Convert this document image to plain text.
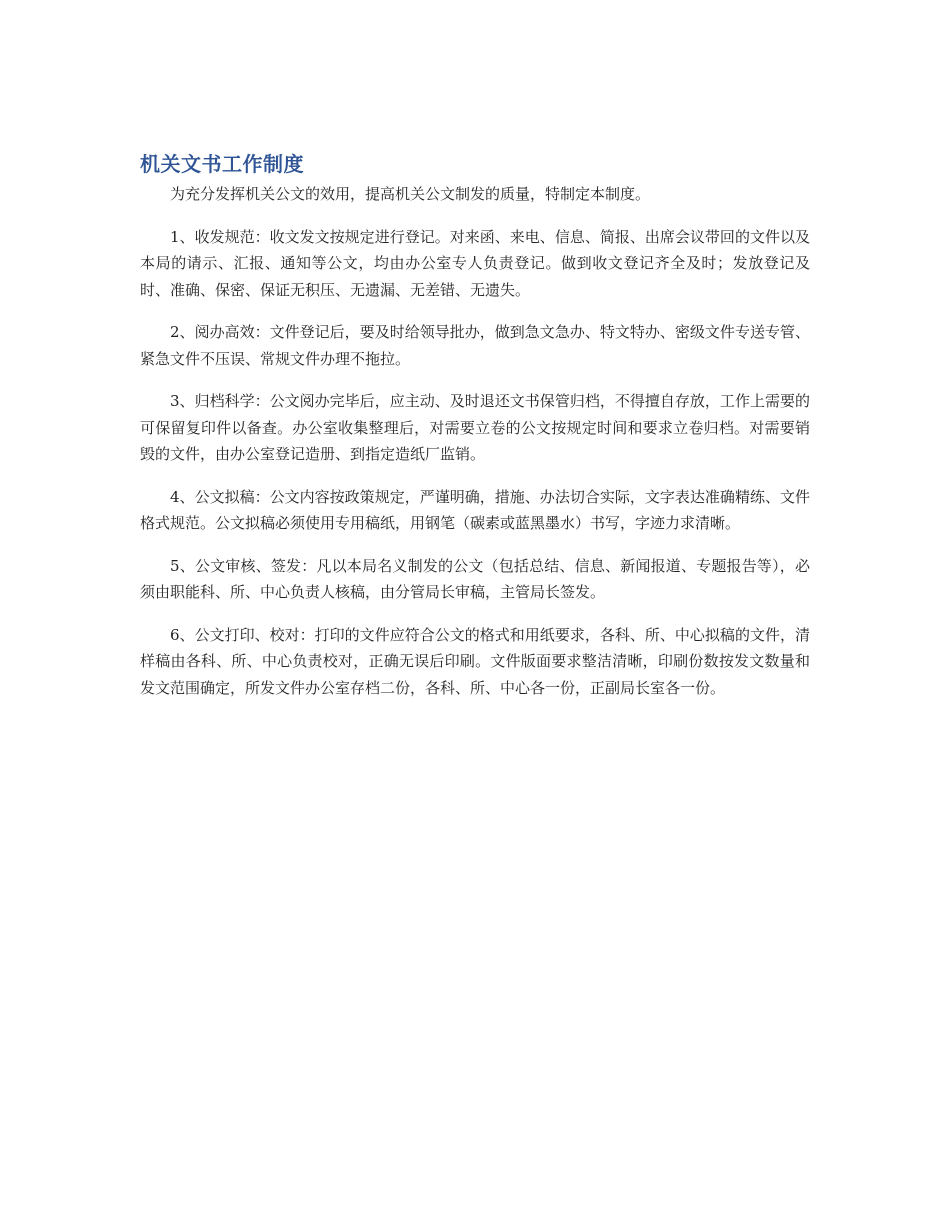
机关文书工作制度

为充分发挥机关公文的效用，提高机关公文制发的质量，特制定本制度。

1、收发规范：收文发文按规定进行登记。对来函、来电、信息、简报、出席会议带回的文件以及本局的请示、汇报、通知等公文，均由办公室专人负责登记。做到收文登记齐全及时；发放登记及时、准确、保密、保证无积压、无遗漏、无差错、无遗失。

2、阅办高效：文件登记后，要及时给领导批办，做到急文急办、特文特办、密级文件专送专管、紧急文件不压误、常规文件办理不拖拉。

3、归档科学：公文阅办完毕后，应主动、及时退还文书保管归档，不得擅自存放，工作上需要的可保留复印件以备查。办公室收集整理后，对需要立卷的公文按规定时间和要求立卷归档。对需要销毁的文件，由办公室登记造册、到指定造纸厂监销。

4、公文拟稿：公文内容按政策规定，严谨明确，措施、办法切合实际，文字表达准确精练、文件格式规范。公文拟稿必须使用专用稿纸，用钢笔（碳素或蓝黑墨水）书写，字迹力求清晰。

5、公文审核、签发：凡以本局名义制发的公文（包括总结、信息、新闻报道、专题报告等），必须由职能科、所、中心负责人核稿，由分管局长审稿，主管局长签发。

6、公文打印、校对：打印的文件应符合公文的格式和用纸要求，各科、所、中心拟稿的文件，清样稿由各科、所、中心负责校对，正确无误后印刷。文件版面要求整洁清晰，印刷份数按发文数量和发文范围确定，所发文件办公室存档二份，各科、所、中心各一份，正副局长室各一份。
